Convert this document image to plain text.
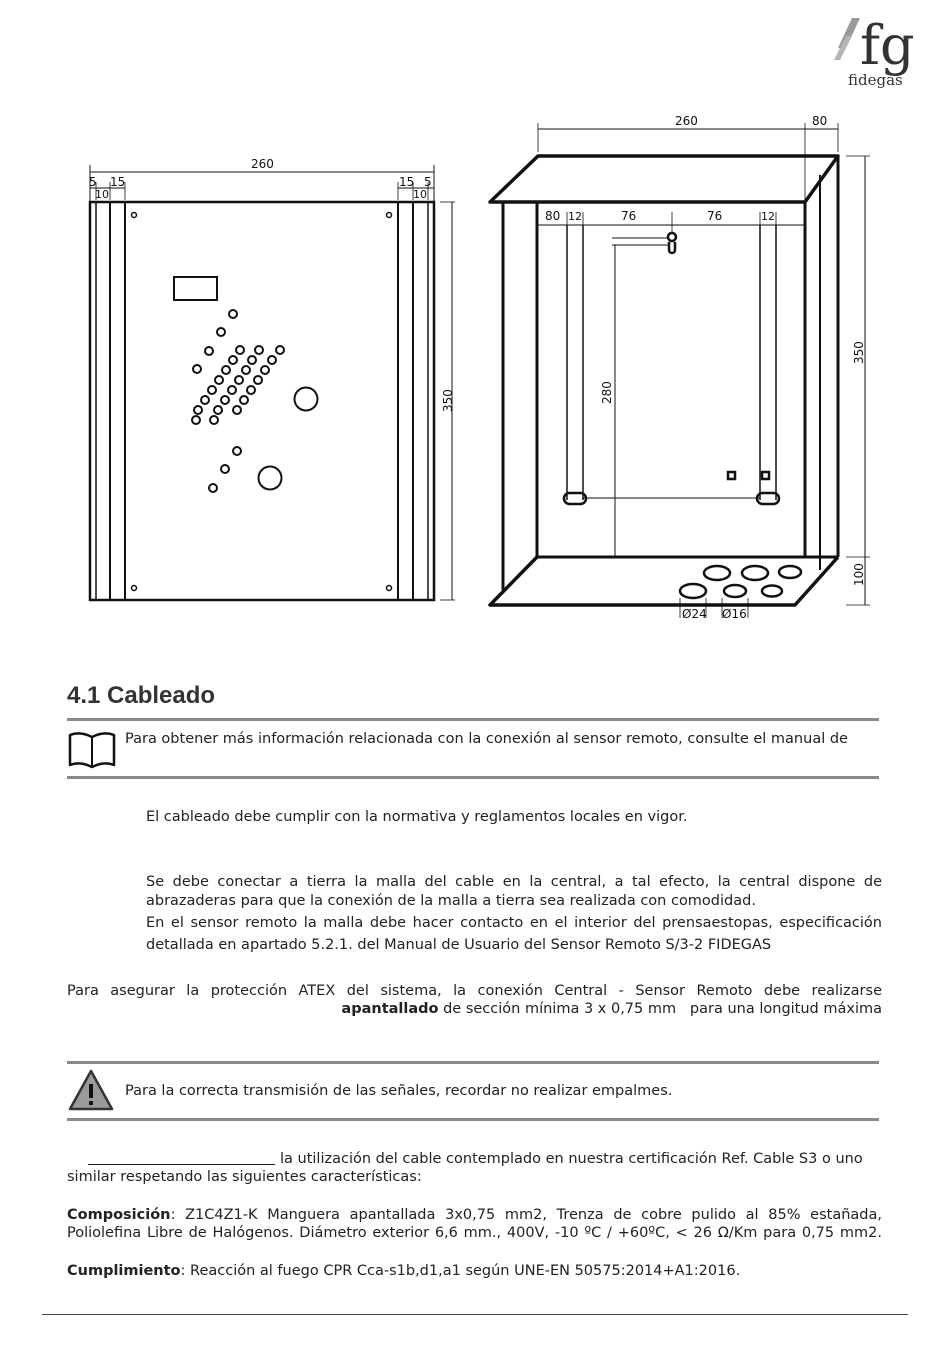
fg
fidegas
260
5 15
10
15 5
10
350
260	80
80 12	76	76	12
280
350
100
Ø24 Ø16
4.1 Cableado
Para obtener más información relacionada con la conexión al sensor remoto, consulte el manual de
El cableado debe cumplir con la normativa y reglamentos locales en vigor.
Se debe conectar a tierra la malla del cable en la central, a tal efecto, la central dispone de
abrazaderas para que la conexión de la malla a tierra sea realizada con comodidad.
En el sensor remoto la malla debe hacer contacto en el interior del prensaestopas, especificación
detallada en apartado 5.2.1. del Manual de Usuario del Sensor Remoto S/3-2 FIDEGAS
Para asegurar la protección ATEX del sistema, la conexión Central - Sensor Remoto debe realizarse
apantallado de sección mínima 3 x 0,75 mm   para una longitud máxima
Para la correcta transmisión de las señales, recordar no realizar empalmes.
la utilización del cable contemplado en nuestra certificación Ref. Cable S3 o uno
similar respetando las siguientes características:
Composición: Z1C4Z1-K Manguera apantallada 3x0,75 mm2, Trenza de cobre pulido al 85% estañada,
Poliolefina Libre de Halógenos. Diámetro exterior 6,6 mm., 400V, -10 ºC / +60ºC, < 26 Ω/Km para 0,75 mm2.
Cumplimiento: Reacción al fuego CPR Cca-s1b,d1,a1 según UNE-EN 50575:2014+A1:2016.
